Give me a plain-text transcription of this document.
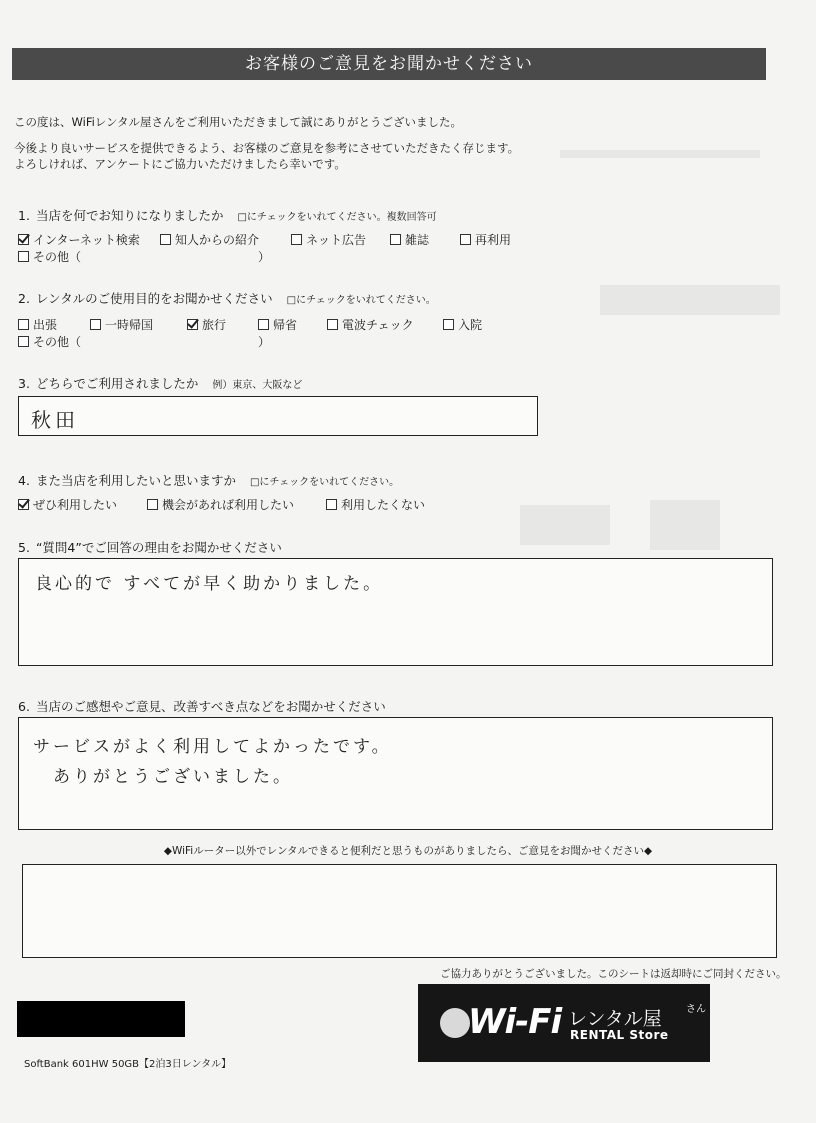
お客様のご意見をお聞かせください
この度は、WiFiレンタル屋さんをご利用いただきまして誠にありがとうございました。
今後より良いサービスを提供できるよう、お客様のご意見を参考にさせていただきたく存じます。
よろしければ、アンケートにご協力いただけましたら幸いです。
1. 当店を何でお知りになりましたか □にチェックをいれてください。複数回答可
インターネット検索	知人からの紹介	ネット広告	雑誌	再利用
その他（	）
2. レンタルのご使用目的をお聞かせください □にチェックをいれてください。
出張	一時帰国	旅行	帰省	電波チェック	入院
その他（	）
3. どちらでご利用されましたか 例）東京、大阪など
秋田
4. また当店を利用したいと思いますか □にチェックをいれてください。
ぜひ利用したい	機会があれば利用したい	利用したくない
5. “質問4”でご回答の理由をお聞かせください
良心的で すべてが早く助かりました。
6. 当店のご感想やご意見、改善すべき点などをお聞かせください
サービスがよく利用してよかったです。
ありがとうございました。
◆WiFiルーター以外でレンタルできると便利だと思うものがありましたら、ご意見をお聞かせください◆
ご協力ありがとうございました。このシートは返却時にご同封ください。
Wi-Fi レンタル屋 さん
RENTAL Store
SoftBank 601HW 50GB【2泊3日レンタル】
